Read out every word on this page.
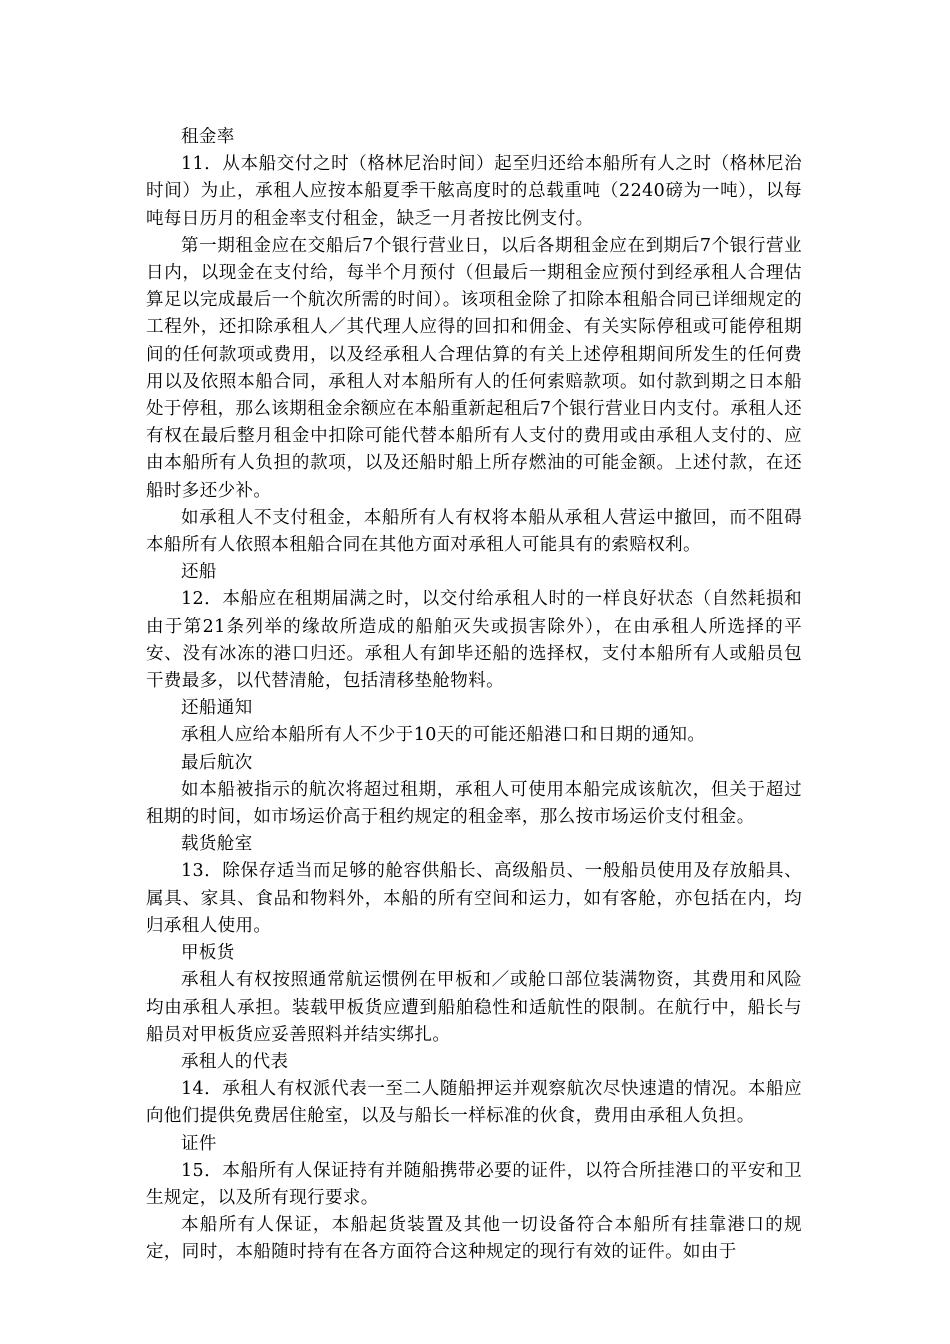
租金率

11．从本船交付之时（格林尼治时间）起至归还给本船所有人之时（格林尼治时间）为止，承租人应按本船夏季干舷高度时的总载重吨（2240磅为一吨），以每吨每日历月的租金率支付租金，缺乏一月者按比例支付。

第一期租金应在交船后7个银行营业日，以后各期租金应在到期后7个银行营业日内，以现金在支付给，每半个月预付（但最后一期租金应预付到经承租人合理估算足以完成最后一个航次所需的时间）。该项租金除了扣除本租船合同已详细规定的工程外，还扣除承租人／其代理人应得的回扣和佣金、有关实际停租或可能停租期间的任何款项或费用，以及经承租人合理估算的有关上述停租期间所发生的任何费用以及依照本船合同，承租人对本船所有人的任何索赔款项。如付款到期之日本船处于停租，那么该期租金余额应在本船重新起租后7个银行营业日内支付。承租人还有权在最后整月租金中扣除可能代替本船所有人支付的费用或由承租人支付的、应由本船所有人负担的款项，以及还船时船上所存燃油的可能金额。上述付款，在还船时多还少补。

如承租人不支付租金，本船所有人有权将本船从承租人营运中撤回，而不阻碍本船所有人依照本租船合同在其他方面对承租人可能具有的索赔权利。

还船

12．本船应在租期届满之时，以交付给承租人时的一样良好状态（自然耗损和由于第21条列举的缘故所造成的船舶灭失或损害除外），在由承租人所选择的平安、没有冰冻的港口归还。承租人有卸毕还船的选择权，支付本船所有人或船员包干费最多，以代替清舱，包括清移垫舱物料。

还船通知

承租人应给本船所有人不少于10天的可能还船港口和日期的通知。

最后航次

如本船被指示的航次将超过租期，承租人可使用本船完成该航次，但关于超过租期的时间，如市场运价高于租约规定的租金率，那么按市场运价支付租金。

载货舱室

13．除保存适当而足够的舱容供船长、高级船员、一般船员使用及存放船具、属具、家具、食品和物料外，本船的所有空间和运力，如有客舱，亦包括在内，均归承租人使用。

甲板货

承租人有权按照通常航运惯例在甲板和／或舱口部位装满物资，其费用和风险均由承租人承担。装载甲板货应遭到船舶稳性和适航性的限制。在航行中，船长与船员对甲板货应妥善照料并结实绑扎。

承租人的代表

14．承租人有权派代表一至二人随船押运并观察航次尽快速遣的情况。本船应向他们提供免费居住舱室，以及与船长一样标准的伙食，费用由承租人负担。

证件

15．本船所有人保证持有并随船携带必要的证件，以符合所挂港口的平安和卫生规定，以及所有现行要求。

本船所有人保证，本船起货装置及其他一切设备符合本船所有挂靠港口的规定，同时，本船随时持有在各方面符合这种规定的现行有效的证件。如由于
